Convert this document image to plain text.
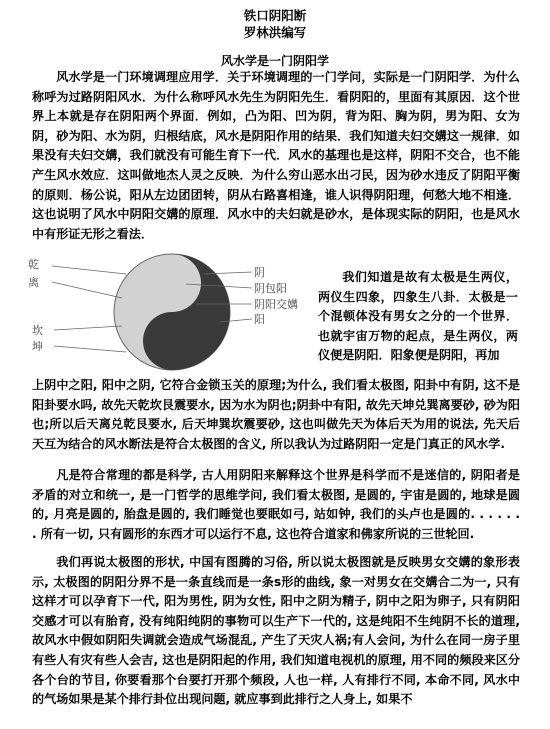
铁口阴阳断
罗林洪编写
风水学是一门阴阳学

风水学是一门环境调理应用学．关于环境调理的一门学问，实际是一门阴阳学．为什么称呼为过路阴阳风水．为什么称呼风水先生为阴阳先生．看阴阳的，里面有其原因．这个世界上本就是存在阴阳两个界面．例如，凸为阳、凹为阴，背为阳、胸为阴，男为阳、女为阴，砂为阳、水为阴，归根结底，风水是阴阳作用的结果．我们知道夫妇交媾这一规律．如果没有夫妇交媾，我们就没有可能生育下一代．风水的基理也是这样，阴阳不交合，也不能产生风水效应．这叫做地杰人灵之反映．为什么穷山恶水出刁民，因为砂水违反了阴阳平衡的原则．杨公说，阳从左边团团转，阴从右路喜相逢，谁人识得阴阳理，何愁大地不相逢．这也说明了风水中阴阳交媾的原理．风水中的夫妇就是砂水，是体现实际的阴阳，也是风水中有形证无形之看法．

乾
离
坎
坤
阴
阴包阳
阴阳交媾
阳

我们知道是故有太极是生两仪，两仪生四象，四象生八卦．太极是一个混顿体没有男女之分的一个世界．也就宇宙万物的起点，是生两仪，两仪便是阴阳．阳象便是阴阳，再加

上阴中之阳, 阳中之阴, 它符合金锁玉关的原理;为什么, 我们看太极图, 阳卦中有阴, 这不是阳卦要水吗, 故先天乾坎艮震要水, 因为水为阴也;阴卦中有阳, 故先天坤兑巽离要砂, 砂为阳也;所以后天离兑乾艮要水, 后天坤巽坎震要砂, 这也叫做先天为体后天为用的说法, 先天后天互为结合的风水断法是符合太极图的含义, 所以我认为过路阴阳一定是门真正的风水学.

凡是符合常理的都是科学, 古人用阴阳来解释这个世界是科学而不是迷信的, 阴阳者是矛盾的对立和统一, 是一门哲学的思维学问, 我们看太极图, 是圆的, 宇宙是圆的, 地球是圆的, 月亮是圆的, 胎盘是圆的, 我们睡觉也要眠如弓, 站如钟, 我们的头卢也是圆的. . . . . . . 所有一切, 只有圆形的东西才可以运行不息, 这也符合道家和佛家所说的三世轮回.

我们再说太极图的形状, 中国有图腾的习俗, 所以说太极图就是反映男女交媾的象形表示, 太极图的阴阳分界不是一条直线而是一条s形的曲线, 象一对男女在交媾合二为一, 只有这样才可以孕育下一代, 阳为男性, 阴为女性, 阳中之阴为精子, 阴中之阳为卵子, 只有阴阳交感才可以有胎育, 没有纯阳纯阴的事物可以生产下一代的, 这是纯阳不生纯阴不长的道理, 故风水中假如阴阳失调就会造成气场混乱, 产生了天灾人祸;有人会问, 为什么在同一房子里有些人有灾有些人会吉, 这也是阴阳起的作用, 我们知道电视机的原理, 用不同的频段来区分各个台的节目, 你要看那个台要打开那个频段, 人也一样, 人有排行不同, 本命不同, 风水中的气场如果是某个排行卦位出现问题, 就应事到此排行之人身上, 如果不
